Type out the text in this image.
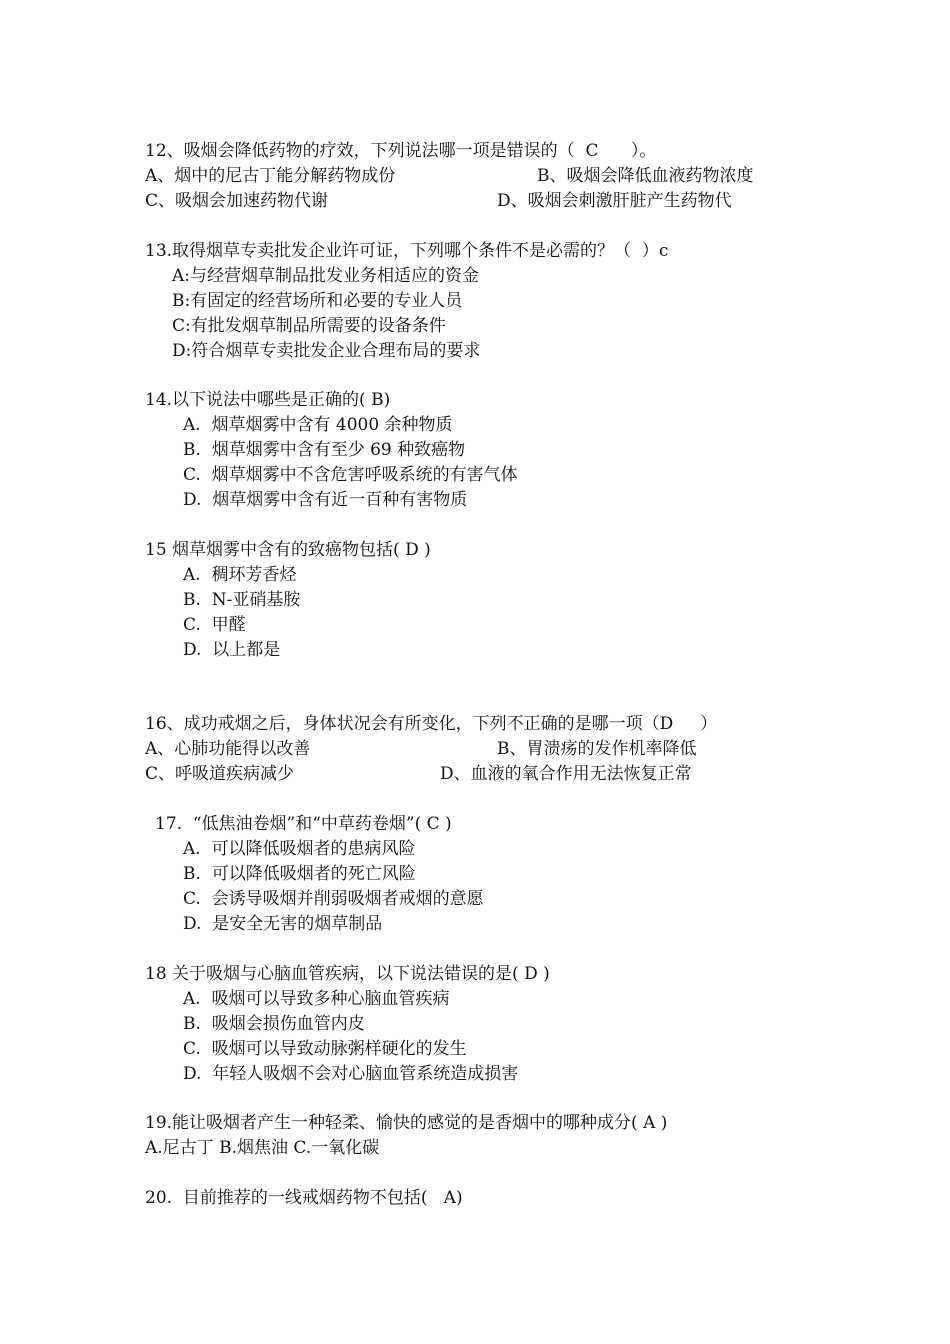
12、吸烟会降低药物的疗效，下列说法哪一项是错误的（  C      ）。
A、烟中的尼古丁能分解药物成份	B、吸烟会降低血液药物浓度
C、吸烟会加速药物代谢	D、吸烟会刺激肝脏产生药物代
13.取得烟草专卖批发企业许可证，下列哪个条件不是必需的？（  ）c
A:与经营烟草制品批发业务相适应的资金
B:有固定的经营场所和必要的专业人员
C:有批发烟草制品所需要的设备条件
D:符合烟草专卖批发企业合理布局的要求
14.以下说法中哪些是正确的( B)
A.  烟草烟雾中含有 4000 余种物质
B.  烟草烟雾中含有至少 69 种致癌物
C.  烟草烟雾中不含危害呼吸系统的有害气体
D.  烟草烟雾中含有近一百种有害物质
15 烟草烟雾中含有的致癌物包括( D )
A.  稠环芳香烃
B.  N-亚硝基胺
C.  甲醛
D.  以上都是
16、成功戒烟之后，身体状况会有所变化，下列不正确的是哪一项（D     ）
A、心肺功能得以改善	B、胃溃疡的发作机率降低
C、呼吸道疾病减少	D、血液的氧合作用无法恢复正常
17.  “低焦油卷烟”和“中草药卷烟”( C )
A.  可以降低吸烟者的患病风险
B.  可以降低吸烟者的死亡风险
C.  会诱导吸烟并削弱吸烟者戒烟的意愿
D.  是安全无害的烟草制品
18 关于吸烟与心脑血管疾病，以下说法错误的是( D )
A.  吸烟可以导致多种心脑血管疾病
B.  吸烟会损伤血管内皮
C.  吸烟可以导致动脉粥样硬化的发生
D.  年轻人吸烟不会对心脑血管系统造成损害
19.能让吸烟者产生一种轻柔、愉快的感觉的是香烟中的哪种成分( A )
A.尼古丁 B.烟焦油 C.一氧化碳
20.  目前推荐的一线戒烟药物不包括(   A)
